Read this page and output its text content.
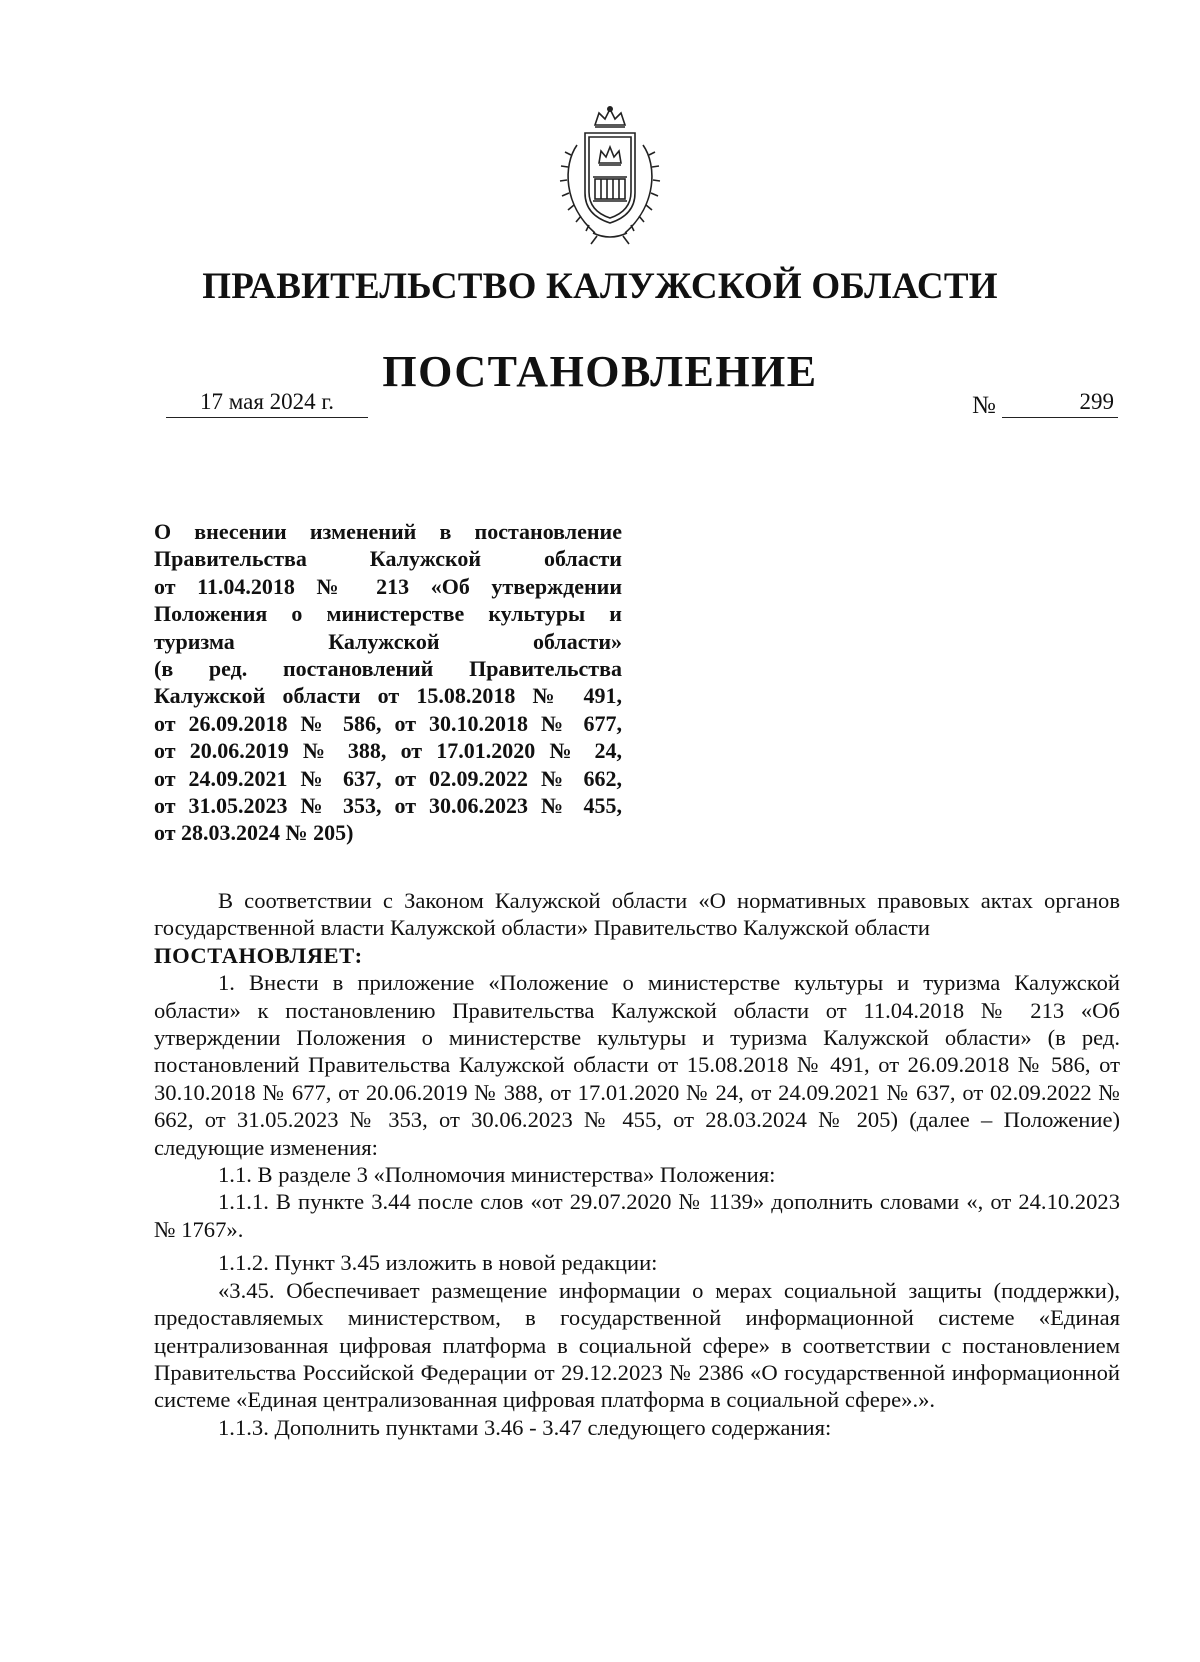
ПРАВИТЕЛЬСТВО КАЛУЖСКОЙ ОБЛАСТИ
ПОСТАНОВЛЕНИЕ
17 мая 2024 г.	№	299

О внесении изменений в постановление
Правительства Калужской области
от 11.04.2018 № 213 «Об утверждении
Положения о министерстве культуры и
туризма Калужской области»
(в ред. постановлений Правительства
Калужской области от 15.08.2018 № 491,
от 26.09.2018 № 586, от 30.10.2018 № 677,
от 20.06.2019 № 388, от 17.01.2020 № 24,
от 24.09.2021 № 637, от 02.09.2022 № 662,
от 31.05.2023 № 353, от 30.06.2023 № 455,
от 28.03.2024 № 205)

В соответствии с Законом Калужской области «О нормативных правовых актах органов государственной власти Калужской области» Правительство Калужской области

ПОСТАНОВЛЯЕТ:

1. Внести в приложение «Положение о министерстве культуры и туризма Калужской области» к постановлению Правительства Калужской области от 11.04.2018 № 213 «Об утверждении Положения о министерстве культуры и туризма Калужской области» (в ред. постановлений Правительства Калужской области от 15.08.2018 № 491, от 26.09.2018 № 586, от 30.10.2018 № 677, от 20.06.2019 № 388, от 17.01.2020 № 24, от 24.09.2021 № 637, от 02.09.2022 № 662, от 31.05.2023 № 353, от 30.06.2023 № 455, от 28.03.2024 № 205) (далее – Положение) следующие изменения:

1.1. В разделе 3 «Полномочия министерства» Положения:

1.1.1. В пункте 3.44 после слов «от 29.07.2020 № 1139» дополнить словами «, от 24.10.2023 № 1767».

1.1.2. Пункт 3.45 изложить в новой редакции:

«3.45. Обеспечивает размещение информации о мерах социальной защиты (поддержки), предоставляемых министерством, в государственной информационной системе «Единая централизованная цифровая платформа в социальной сфере» в соответствии с постановлением Правительства Российской Федерации от 29.12.2023 № 2386 «О государственной информационной системе «Единая централизованная цифровая платформа в социальной сфере».».

1.1.3. Дополнить пунктами 3.46 - 3.47 следующего содержания:
